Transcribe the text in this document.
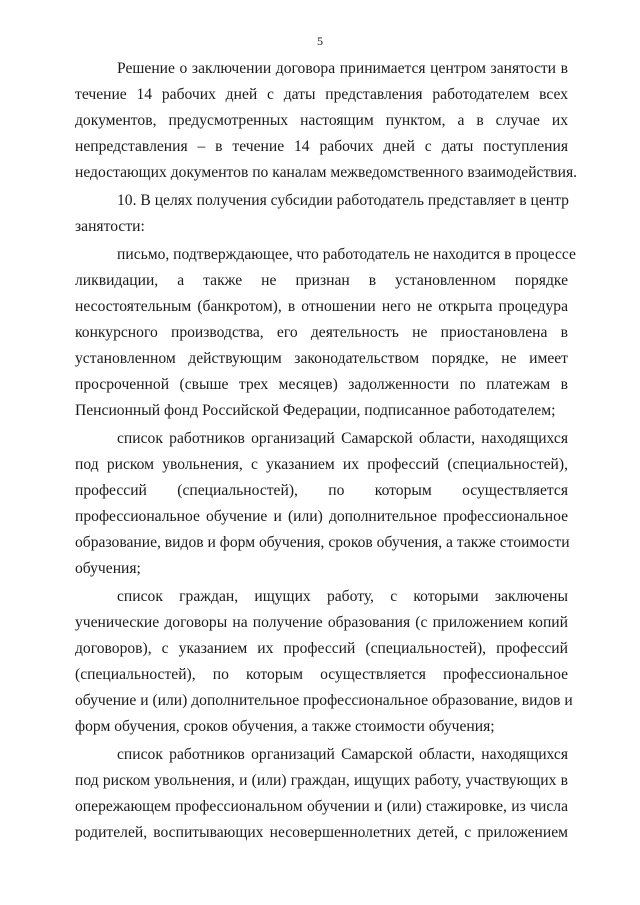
5
Решение о заключении договора принимается центром занятости в
течение 14 рабочих дней с даты представления работодателем всех
документов, предусмотренных настоящим пунктом, а в случае их
непредставления – в течение 14 рабочих дней с даты поступления
недостающих документов по каналам межведомственного взаимодействия.
10. В целях получения субсидии работодатель представляет в центр
занятости:
письмо, подтверждающее, что работодатель не находится в процессе
ликвидации, а также не признан в установленном порядке
несостоятельным (банкротом), в отношении него не открыта процедура
конкурсного производства, его деятельность не приостановлена в
установленном действующим законодательством порядке, не имеет
просроченной (свыше трех месяцев) задолженности по платежам в
Пенсионный фонд Российской Федерации, подписанное работодателем;
список работников организаций Самарской области, находящихся
под риском увольнения, с указанием их профессий (специальностей),
профессий (специальностей), по которым осуществляется
профессиональное обучение и (или) дополнительное профессиональное
образование, видов и форм обучения, сроков обучения, а также стоимости
обучения;
список граждан, ищущих работу, с которыми заключены
ученические договоры на получение образования (с приложением копий
договоров), с указанием их профессий (специальностей), профессий
(специальностей), по которым осуществляется профессиональное
обучение и (или) дополнительное профессиональное образование, видов и
форм обучения, сроков обучения, а также стоимости обучения;
список работников организаций Самарской области, находящихся
под риском увольнения, и (или) граждан, ищущих работу, участвующих в
опережающем профессиональном обучении и (или) стажировке, из числа
родителей, воспитывающих несовершеннолетних детей, с приложением
